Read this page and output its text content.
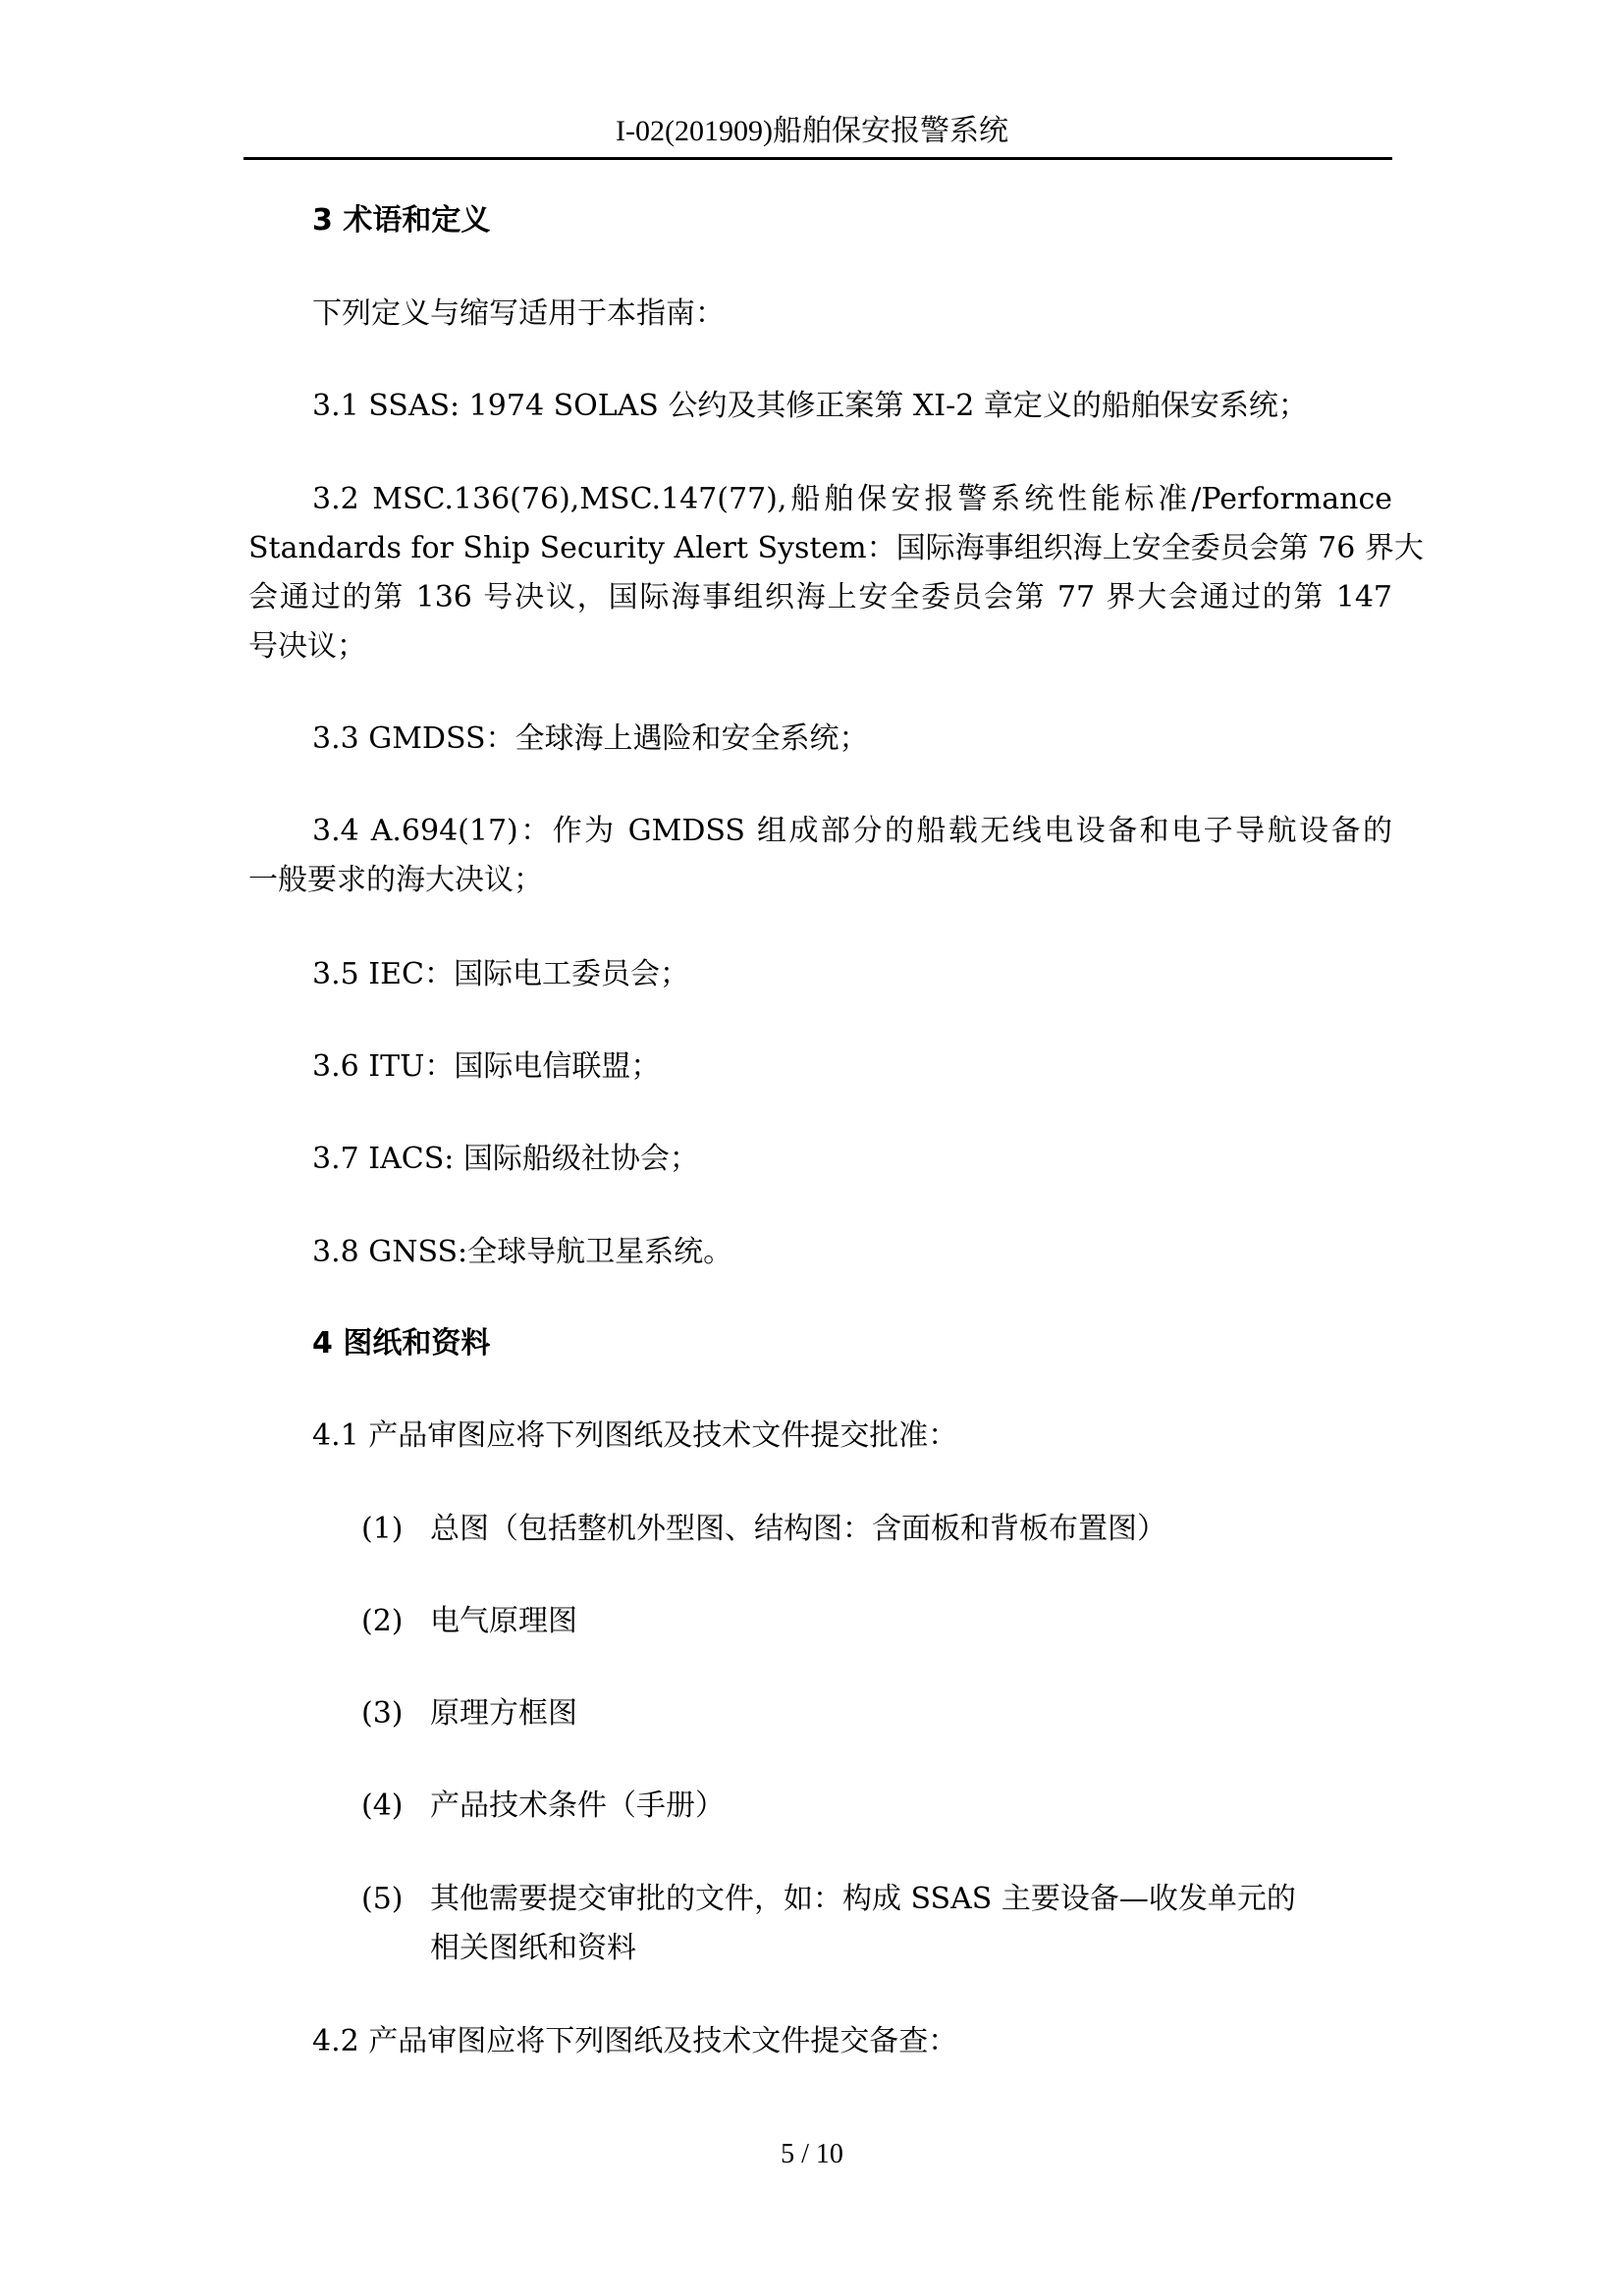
I-02(201909)船舶保安报警系统
3 术语和定义
下列定义与缩写适用于本指南：
3.1 SSAS: 1974 SOLAS 公约及其修正案第 XI-2 章定义的船舶保安系统；
3.2 MSC.136(76),MSC.147(77),船舶保安报警系统性能标准/Performance
Standards for Ship Security Alert System：国际海事组织海上安全委员会第 76 界大
会通过的第 136 号决议，国际海事组织海上安全委员会第 77 界大会通过的第 147
号决议；
3.3 GMDSS：全球海上遇险和安全系统；
3.4 A.694(17)：作为 GMDSS 组成部分的船载无线电设备和电子导航设备的
一般要求的海大决议；
3.5 IEC：国际电工委员会；
3.6 ITU：国际电信联盟；
3.7 IACS: 国际船级社协会；
3.8 GNSS:全球导航卫星系统。
4 图纸和资料
4.1 产品审图应将下列图纸及技术文件提交批准：
(1) 总图（包括整机外型图、结构图：含面板和背板布置图）
(2) 电气原理图
(3) 原理方框图
(4) 产品技术条件（手册）
(5) 其他需要提交审批的文件，如：构成 SSAS 主要设备—收发单元的
相关图纸和资料
4.2 产品审图应将下列图纸及技术文件提交备查：
5 / 10
